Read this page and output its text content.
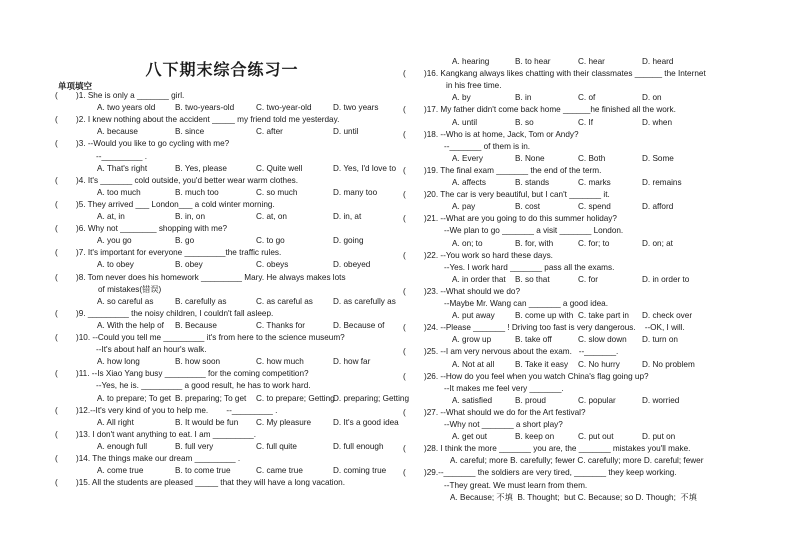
八下期末综合练习一
单项填空
( )1. She is only a _______ girl.
A. two years old B. two-years-old	C. two-year-old	D. two years
( )2. I knew nothing about the accident _____ my friend told me yesterday.
A. because	B. since	C. after	D. until
( )3. --Would you like to go cycling with me?
--_________ .
A. That's right	B. Yes, please	C. Quite well	D. Yes, I'd love to
( )4. It's _______ cold outside, you'd better wear warm clothes.
A. too much	B. much too	C. so much	D. many too
( )5. They arrived ___ London___ a cold winter morning.
A. at, in	B. in, on	C. at, on	D. in, at
( )6. Why not ________ shopping with me?
A. you go	B. go	C. to go	D. going
( )7. It's important for everyone _________the traffic rules.
A. to obey	B. obey	C. obeys	D. obeyed
( )8. Tom never does his homework _________ Mary. He always makes lots
of mistakes(错误)
A. so careful as	B. carefully as	C. as careful as D. as carefully as
( )9. _________ the noisy children, I couldn't fall asleep.
A. With the help of B. Because	C. Thanks for	D. Because of
( )10. --Could you tell me _________ it's from here to the science museum?
--It's about half an hour's walk.
A. how long	B. how soon	C. how much	D. how far
( )11. --Is Xiao Yang busy _________ for the coming competition?
--Yes, he is. _________ a good result, he has to work hard.
A. to prepare; To get B. preparing; To get C. to prepare; Getting
D. preparing; Getting
( )12.--It's very kind of you to help me.        --_________ .
A. All right	B. It would be fun C. My pleasure	D. It's a good idea
( )13. I don't want anything to eat. I am _________.
A. enough full	B. full very	C. full quite	D. full enough
( )14. The things make our dream _________ .
A. come true	B. to come true	C. came true	D. coming true
( )15. All the students are pleased _____ that they will have a long vacation.
A. hearing	B. to hear	C. hear	D. heard
( )16. Kangkang always likes chatting with their classmates ______ the Internet
in his free time.
A. by	B. in	C. of	D. on
( )17. My father didn't come back home ______he finished all the work.
A. until	B. so	C. If	D. when
( )18. --Who is at home, Jack, Tom or Andy?
--_______ of them is in.
A. Every	B. None	C. Both	D. Some
( )19. The final exam _______ the end of the term.
A. affects	B. stands	C. marks	D. remains
( )20. The car is very beautiful, but I can't _______ it.
A. pay	B. cost	C. spend	D. afford
( )21. --What are you going to do this summer holiday?
--We plan to go _______ a visit _______ London.
A. on; to	B. for, with	C. for; to	D. on; at
( )22. --You work so hard these days.
--Yes. I work hard _______ pass all the exams.
A. in order that B. so that	C. for	D. in order to
( )23. --What should we do?
--Maybe Mr. Wang can _______ a good idea.
A. put away B. come up with C. take part in D. check over
( )24. --Please _______ ! Driving too fast is very dangerous.    --OK, I will.
A. grow up	B. take off	C. slow down D. turn on
( )25. --I am very nervous about the exam.   --_______.
A. Not at all	B. Take it easy C. No hurry	D. No problem
( )26. --How do you feel when you watch China's flag going up?
--It makes me feel very _______.
A. satisfied	B. proud	C. popular	D. worried
( )27. --What should we do for the Art festival?
--Why not _______ a short play?
A. get out	B. keep on	C. put out	D. put on
( )28. I think the more _______ you are, the _______ mistakes you'll make.
A. careful; more B. carefully; fewer C. carefully; more D. careful; fewer
( )29.--_______ the soldiers are very tired, _______ they keep working.
--They great. We must learn from them.
A. Because; 不填  B. Thought;  but C. Because; so D. Though;  不填
